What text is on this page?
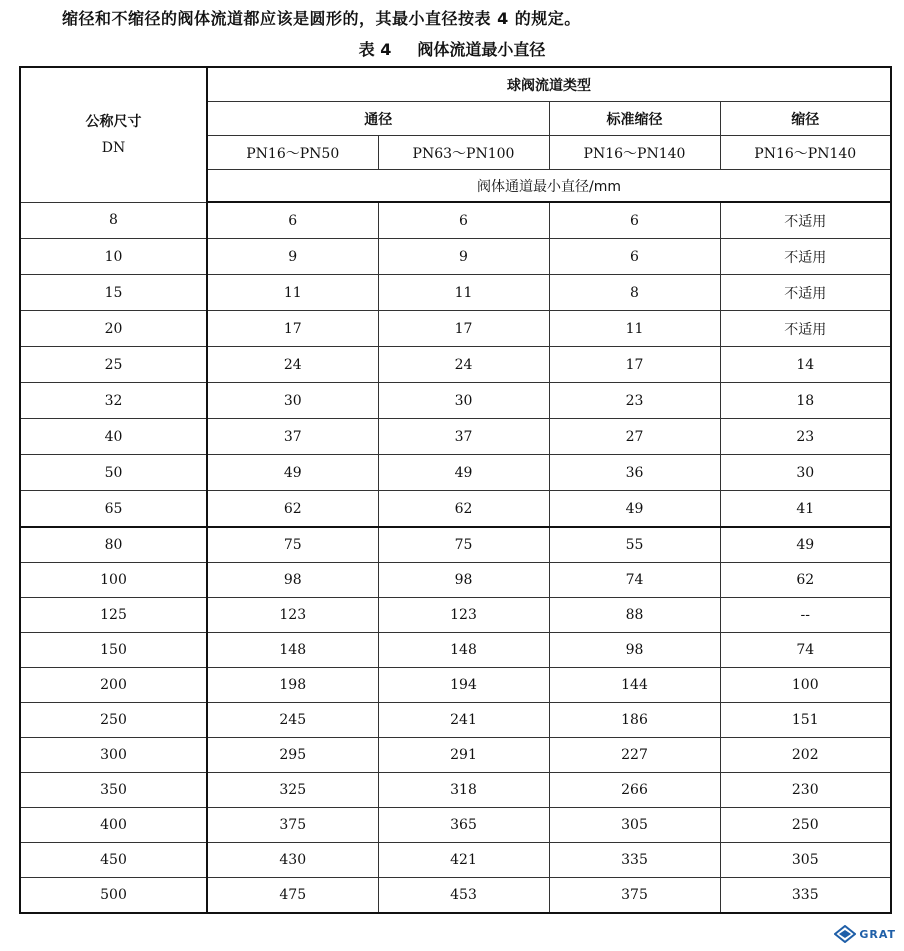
缩径和不缩径的阀体流道都应该是圆形的，其最小直径按表 4 的规定。
表 4 阀体流道最小直径
公称尺寸
DN	球阀流道类型			
	通径		标准缩径	缩径
	PN16～PN50	PN63～PN100	PN16～PN140	PN16～PN140
	阀体通道最小直径/mm			
8	6	6	6	不适用
10	9	9	6	不适用
15	11	11	8	不适用
20	17	17	11	不适用
25	24	24	17	14
32	30	30	23	18
40	37	37	27	23
50	49	49	36	30
65	62	62	49	41
80	75	75	55	49
100	98	98	74	62
125	123	123	88	--
150	148	148	98	74
200	198	194	144	100
250	245	241	186	151
300	295	291	227	202
350	325	318	266	230
400	375	365	305	250
450	430	421	335	305
500	475	453	375	335
GRAT
